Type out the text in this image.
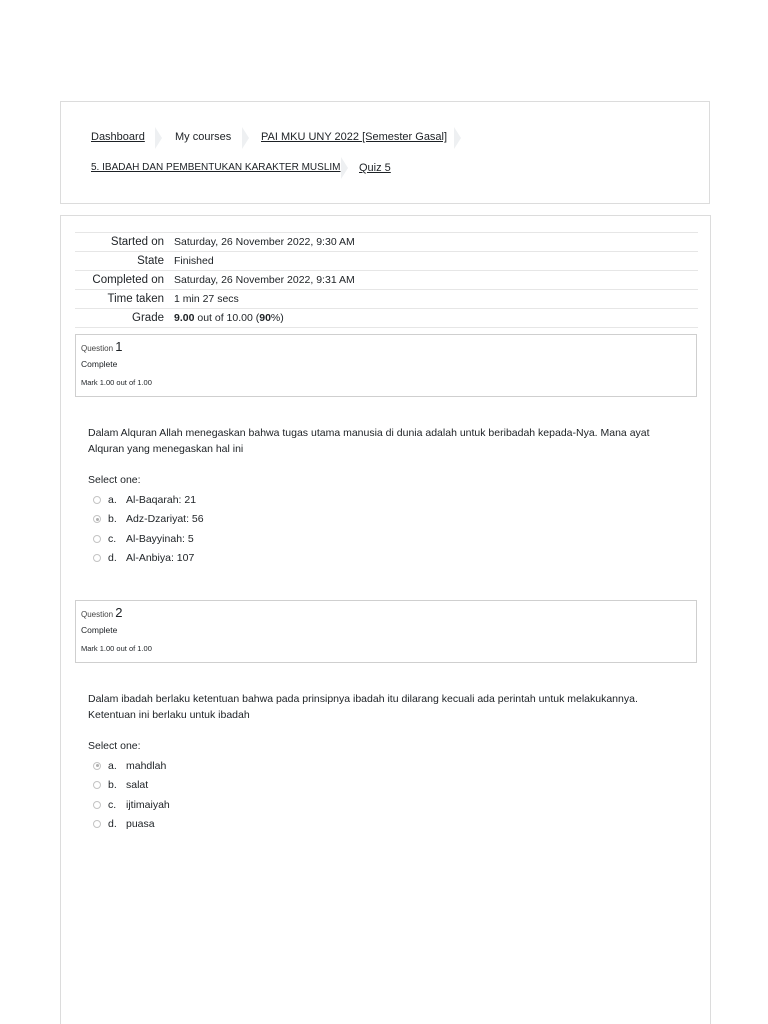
Dashboard	My courses	PAI MKU UNY 2022 [Semester Gasal]
5. IBADAH DAN PEMBENTUKAN KARAKTER MUSLIM Quiz 5
Started on Saturday, 26 November 2022, 9:30 AM
State Finished
Completed on Saturday, 26 November 2022, 9:31 AM
Time taken 1 min 27 secs
Grade 9.00 out of 10.00 (90%)
Question 1
Complete
Mark 1.00 out of 1.00
Dalam Alquran Allah menegaskan bahwa tugas utama manusia di dunia adalah untuk beribadah kepada-Nya. Mana ayat Alquran yang menegaskan hal ini
Select one:
a. Al-Baqarah: 21
b. Adz-Dzariyat: 56
c. Al-Bayyinah: 5
d. Al-Anbiya: 107
Question 2
Complete
Mark 1.00 out of 1.00
Dalam ibadah berlaku ketentuan bahwa pada prinsipnya ibadah itu dilarang kecuali ada perintah untuk melakukannya. Ketentuan ini berlaku untuk ibadah
Select one:
a. mahdlah
b. salat
c. ijtimaiyah
d. puasa
